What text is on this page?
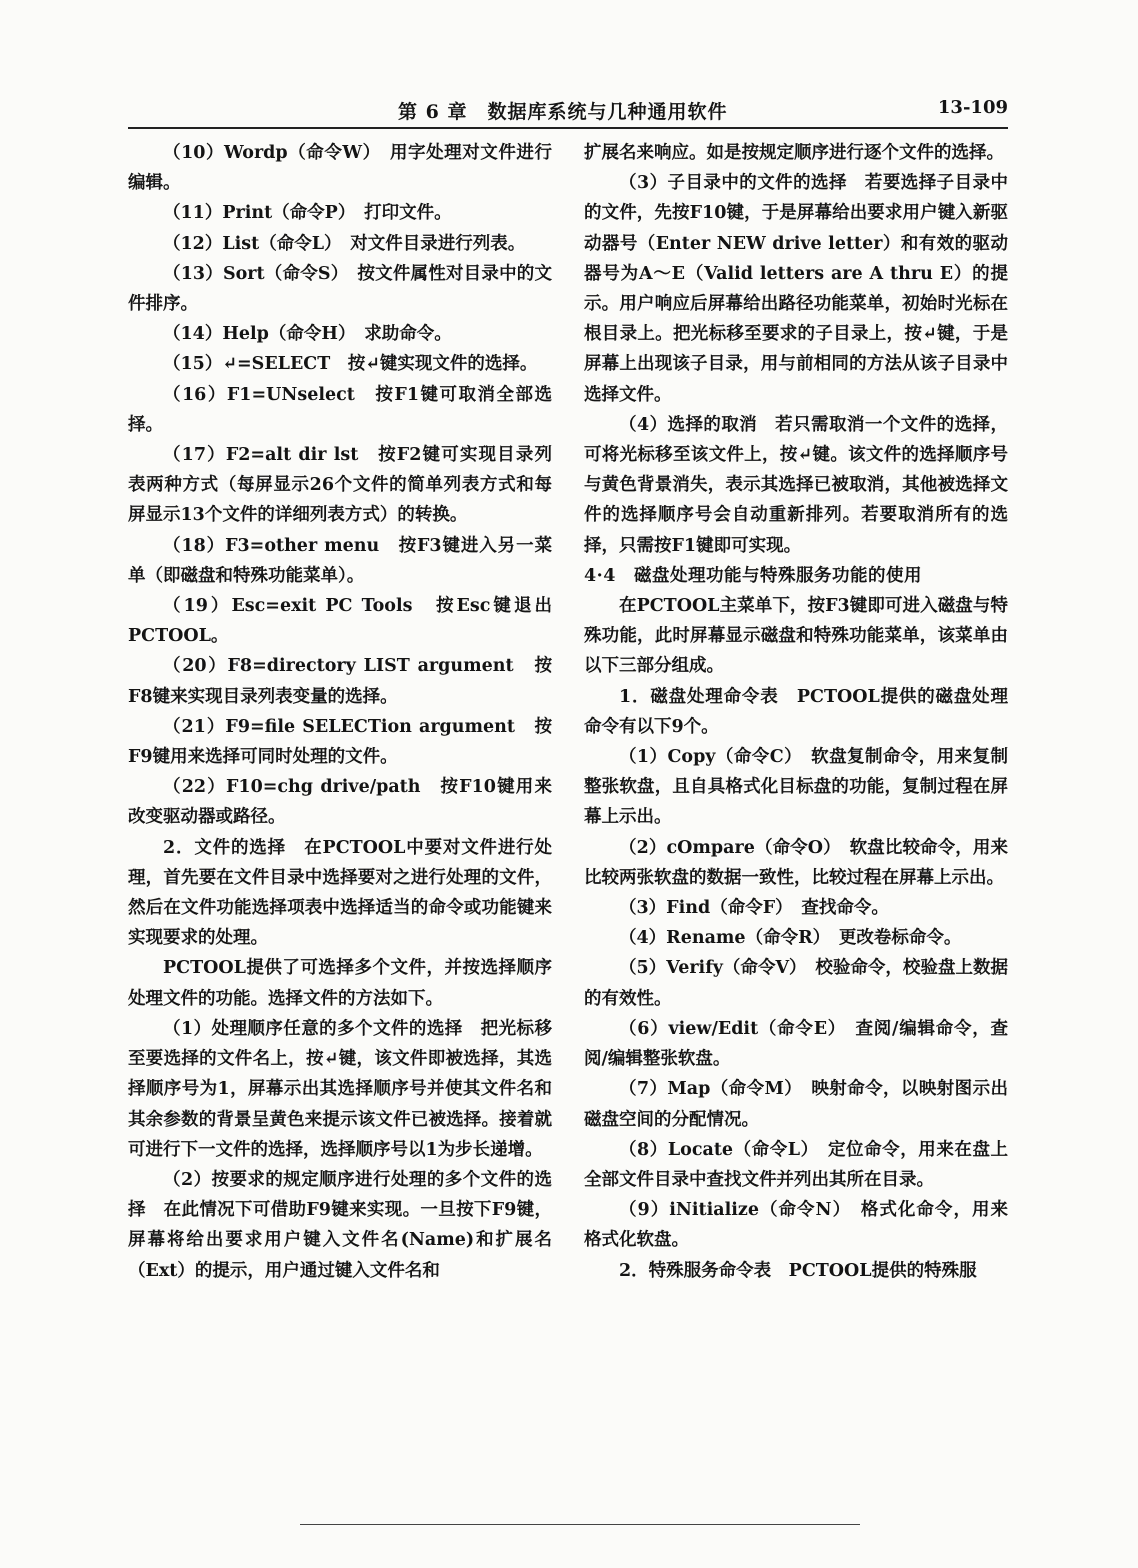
第 6 章　数据库系统与几种通用软件	13-109

（10）Wordp（命令W）　用字处理对文件进行编辑。

（11）Print（命令P）　打印文件。

（12）List（命令L）　对文件目录进行列表。

（13）Sort（命令S）　按文件属性对目录中的文件排序。

（14）Help（命令H）　求助命令。

（15）↵=SELECT　按↵键实现文件的选择。

（16）F1=UNselect　按F1键可取消全部选择。

（17）F2=alt dir lst　按F2键可实现目录列表两种方式（每屏显示26个文件的简单列表方式和每屏显示13个文件的详细列表方式）的转换。

（18）F3=other menu　按F3键进入另一菜单（即磁盘和特殊功能菜单）。

（19）Esc=exit PC Tools　按Esc键退出PCTOOL。

（20）F8=directory LIST argument　按F8键来实现目录列表变量的选择。

（21）F9=file SELECTion argument　按F9键用来选择可同时处理的文件。

（22）F10=chg drive/path　按F10键用来改变驱动器或路径。

2．文件的选择　在PCTOOL中要对文件进行处理，首先要在文件目录中选择要对之进行处理的文件，然后在文件功能选择项表中选择适当的命令或功能键来实现要求的处理。

PCTOOL提供了可选择多个文件，并按选择顺序处理文件的功能。选择文件的方法如下。

（1）处理顺序任意的多个文件的选择　把光标移至要选择的文件名上，按↵键，该文件即被选择，其选择顺序号为1，屏幕示出其选择顺序号并使其文件名和其余参数的背景呈黄色来提示该文件已被选择。接着就可进行下一文件的选择，选择顺序号以1为步长递增。

（2）按要求的规定顺序进行处理的多个文件的选择　在此情况下可借助F9键来实现。一旦按下F9键，屏幕将给出要求用户键入文件名(Name)和扩展名（Ext）的提示，用户通过键入文件名和

扩展名来响应。如是按规定顺序进行逐个文件的选择。

（3）子目录中的文件的选择　若要选择子目录中的文件，先按F10键，于是屏幕给出要求用户键入新驱动器号（Enter NEW drive letter）和有效的驱动器号为A～E（Valid letters are A thru E）的提示。用户响应后屏幕给出路径功能菜单，初始时光标在根目录上。把光标移至要求的子目录上，按↵键，于是屏幕上出现该子目录，用与前相同的方法从该子目录中选择文件。

（4）选择的取消　若只需取消一个文件的选择，可将光标移至该文件上，按↵键。该文件的选择顺序号与黄色背景消失，表示其选择已被取消，其他被选择文件的选择顺序号会自动重新排列。若要取消所有的选择，只需按F1键即可实现。

4·4　磁盘处理功能与特殊服务功能的使用

在PCTOOL主菜单下，按F3键即可进入磁盘与特殊功能，此时屏幕显示磁盘和特殊功能菜单，该菜单由以下三部分组成。

1．磁盘处理命令表　PCTOOL提供的磁盘处理命令有以下9个。

（1）Copy（命令C）　软盘复制命令，用来复制整张软盘，且自具格式化目标盘的功能，复制过程在屏幕上示出。

（2）cOmpare（命令O）　软盘比较命令，用来比较两张软盘的数据一致性，比较过程在屏幕上示出。

（3）Find（命令F）　查找命令。

（4）Rename（命令R）　更改卷标命令。

（5）Verify（命令V）　校验命令，校验盘上数据的有效性。

（6）view/Edit（命令E）　查阅/编辑命令，查阅/编辑整张软盘。

（7）Map（命令M）　映射命令，以映射图示出磁盘空间的分配情况。

（8）Locate（命令L）　定位命令，用来在盘上全部文件目录中查找文件并列出其所在目录。

（9）iNitialize（命令N）　格式化命令，用来格式化软盘。

2．特殊服务命令表　PCTOOL提供的特殊服
